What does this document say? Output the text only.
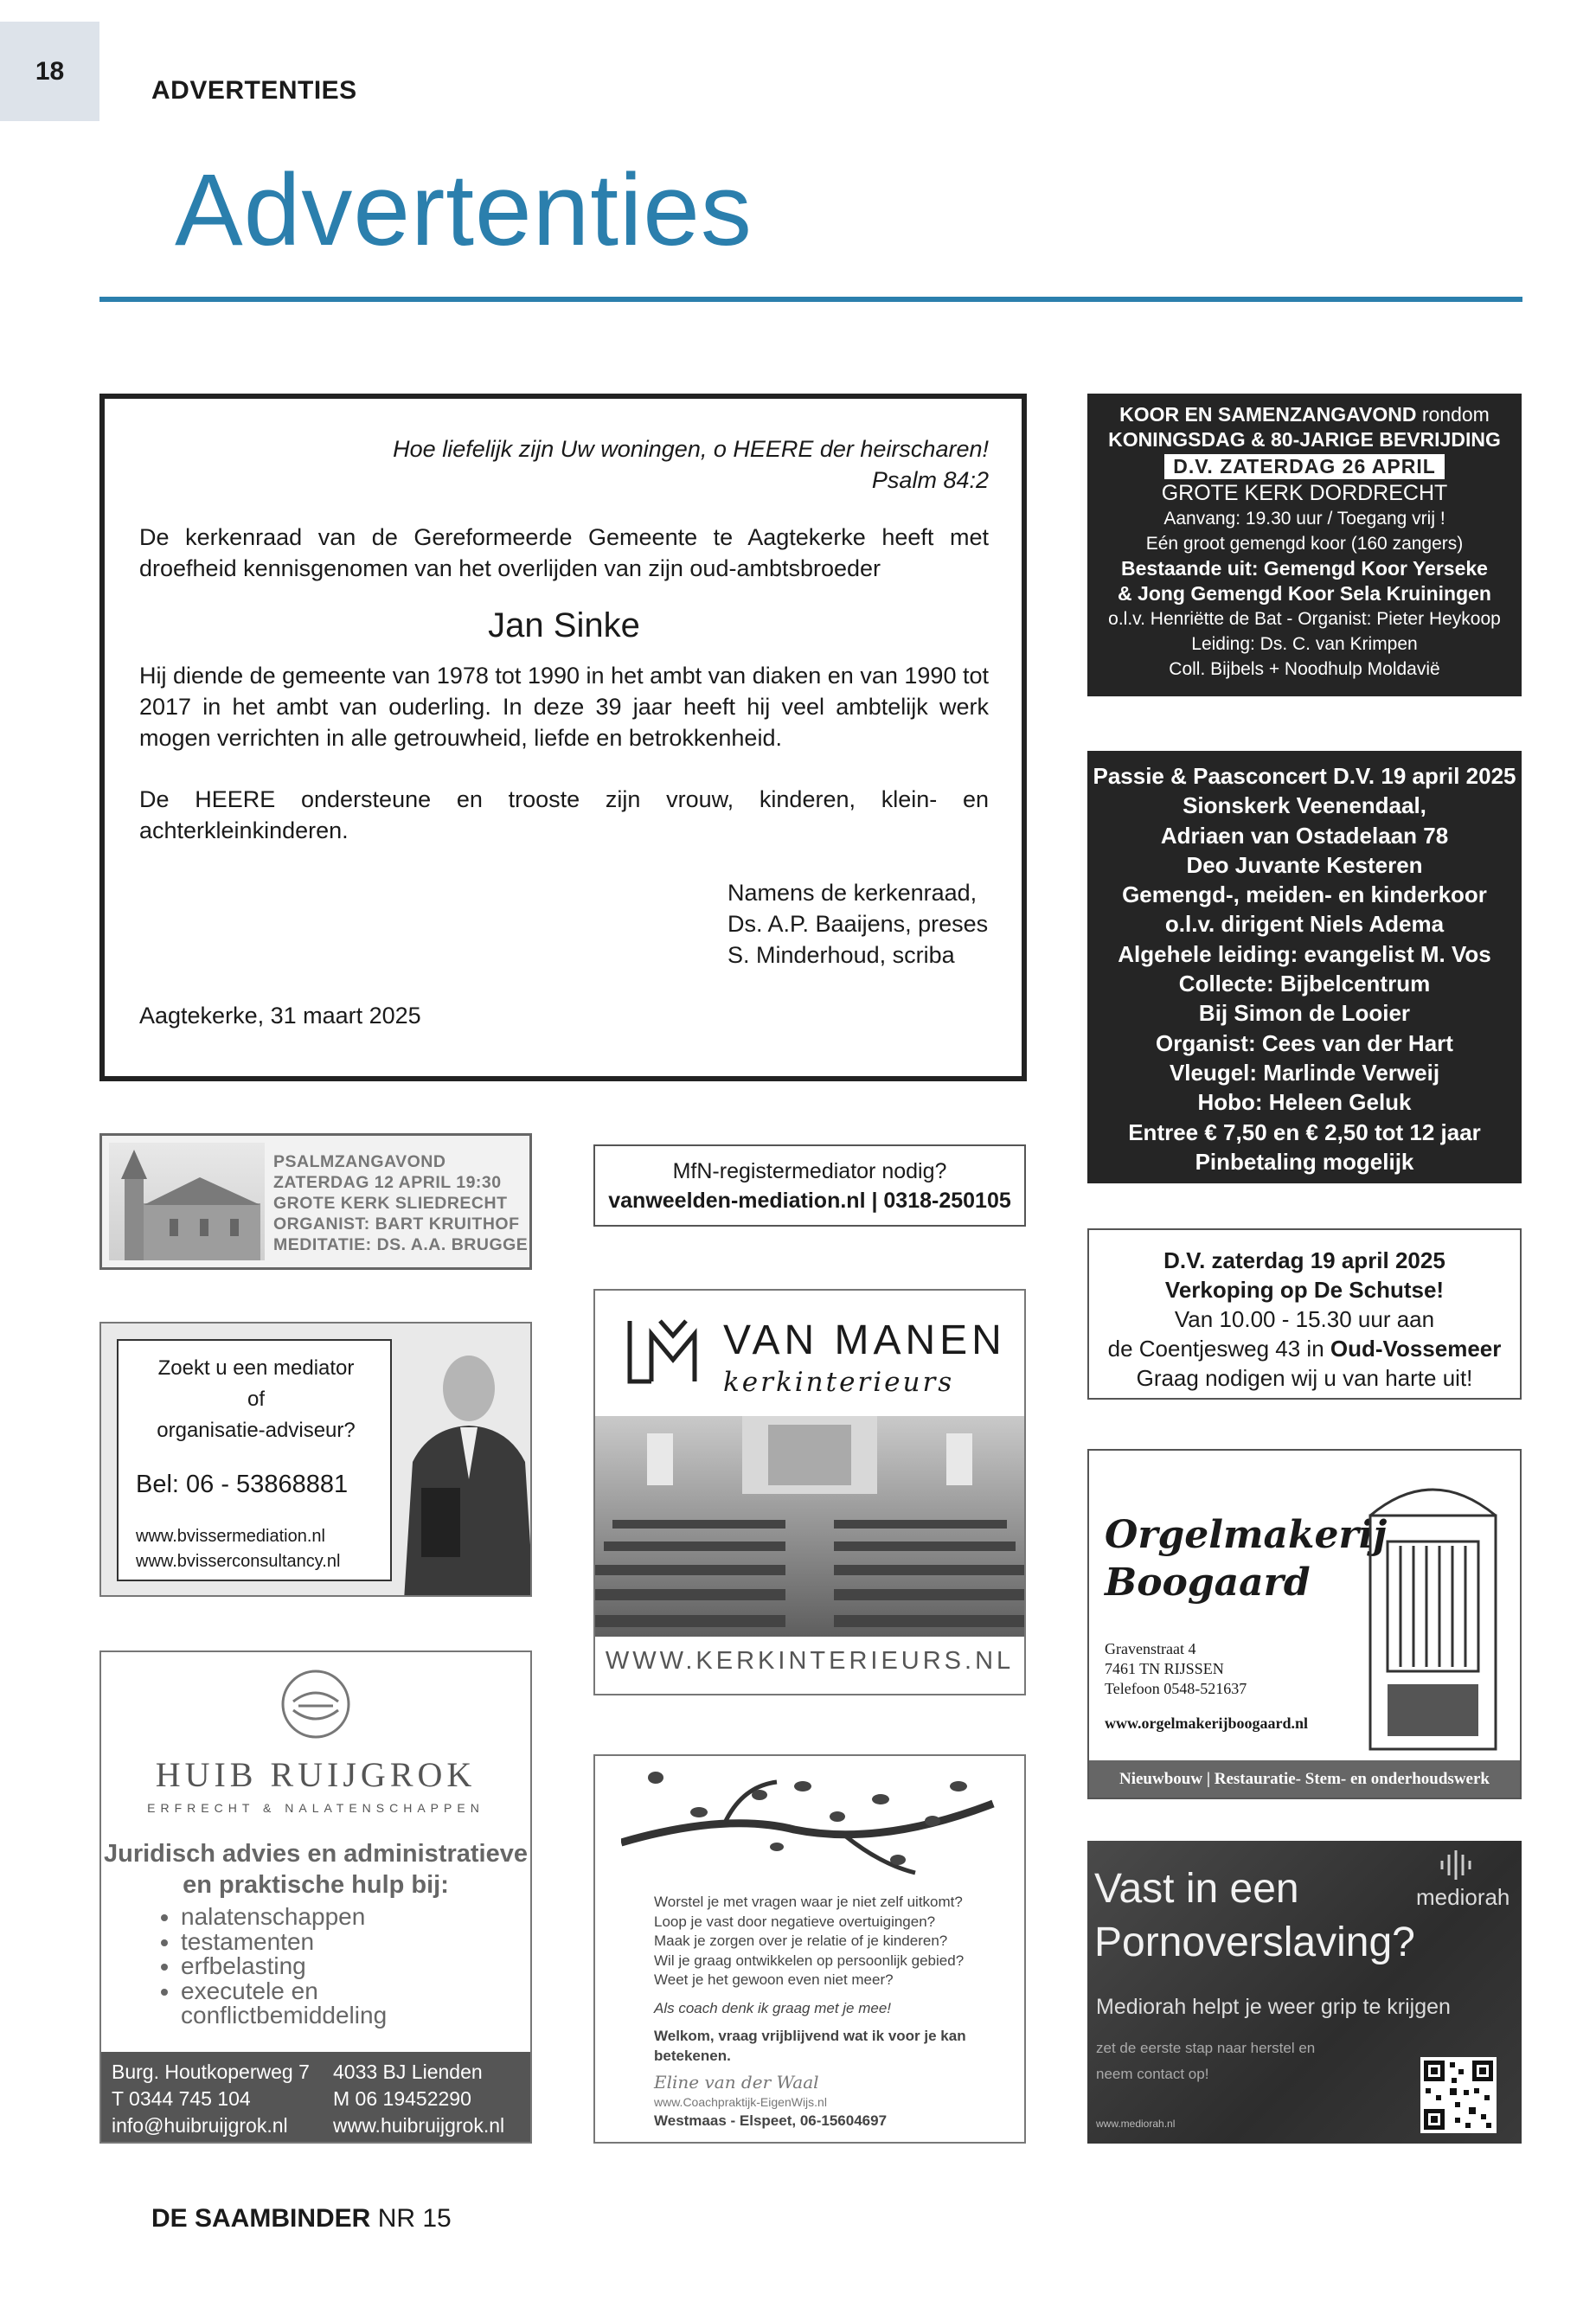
18
ADVERTENTIES
Advertenties

Hoe liefelijk zijn Uw woningen, o HEERE der heirscharen!

Psalm 84:2

De kerkenraad van de Gereformeerde Gemeente te Aagtekerke heeft met droefheid kennisgenomen van het overlijden van zijn oud-ambtsbroeder

Jan Sinke

Hij diende de gemeente van 1978 tot 1990 in het ambt van diaken en van 1990 tot 2017 in het ambt van ouderling. In deze 39 jaar heeft hij veel ambtelijk werk mogen verrichten in alle getrouwheid, liefde en betrokkenheid.

De HEERE ondersteune en trooste zijn vrouw, kinderen, klein- en achterkleinkinderen.

Namens de kerkenraad,

Ds. A.P. Baaijens, preses

S. Minderhoud, scriba

Aagtekerke, 31 maart 2025

KOOR EN SAMENZANGAVOND rondom
KONINGSDAG & 80-JARIGE BEVRIJDING
D.V. ZATERDAG 26 APRIL
GROTE KERK DORDRECHT
Aanvang: 19.30 uur / Toegang vrij !
Eén groot gemengd koor (160 zangers)
Bestaande uit: Gemengd Koor Yerseke
& Jong Gemengd Koor Sela Kruiningen
o.l.v. Henriëtte de Bat - Organist: Pieter Heykoop
Leiding: Ds. C. van Krimpen
Coll. Bijbels + Noodhulp Moldavië
Passie & Paasconcert D.V. 19 april 2025
Sionskerk Veenendaal,
Adriaen van Ostadelaan 78
Deo Juvante Kesteren
Gemengd-, meiden- en kinderkoor
o.l.v. dirigent Niels Adema
Algehele leiding: evangelist M. Vos
Collecte: Bijbelcentrum
Bij Simon de Looier
Organist: Cees van der Hart
Vleugel: Marlinde Verweij
Hobo: Heleen Geluk
Entree € 7,50 en € 2,50 tot 12 jaar
Pinbetaling mogelijk
D.V. zaterdag 19 april 2025
Verkoping op De Schutse!
Van 10.00 - 15.30 uur aan
de Coentjesweg 43 in Oud-Vossemeer
Graag nodigen wij u van harte uit!
PSALMZANGAVOND
ZATERDAG 12 APRIL 19:30
GROTE KERK SLIEDRECHT
ORGANIST: BART KRUITHOF
MEDITATIE: DS. A.A. BRUGGE
MfN-registermediator nodig?
vanweelden-mediation.nl | 0318-250105
Zoekt u een mediator
of
organisatie-adviseur?
Bel: 06 - 53868881
www.bvissermediation.nl
www.bvisserconsultancy.nl
VAN MANEN
kerkinterieurs
WWW.KERKINTERIEURS.NL
Orgelmakerij
Boogaard
Gravenstraat 4
7461 TN RIJSSEN
Telefoon 0548-521637
www.orgelmakerijboogaard.nl
Nieuwbouw | Restauratie- Stem- en onderhoudswerk
HUIB RUIJGROK
ERFRECHT & NALATENSCHAPPEN
Juridisch advies en administratieve
en praktische hulp bij:
• nalatenschappen
• testamenten
• erfbelasting
• executele en
conflictbemiddeling
Burg. Houtkoperweg 7
T 0344 745 104
info@huibruijgrok.nl
4033 BJ Lienden
M 06 19452290
www.huibruijgrok.nl
Worstel je met vragen waar je niet zelf uitkomt?
Loop je vast door negatieve overtuigingen?
Maak je zorgen over je relatie of je kinderen?
Wil je graag ontwikkelen op persoonlijk gebied?
Weet je het gewoon even niet meer?
Als coach denk ik graag met je mee!
Welkom, vraag vrijblijvend wat ik voor je kan
betekenen.
Eline van der Waal
www.Coachpraktijk-EigenWijs.nl
Westmaas - Elspeet, 06-15604697
Vast in een
Pornoverslaving?
mediorah
Mediorah helpt je weer grip te krijgen
zet de eerste stap naar herstel en
neem contact op!
www.mediorah.nl
DE SAAMBINDER NR 15
